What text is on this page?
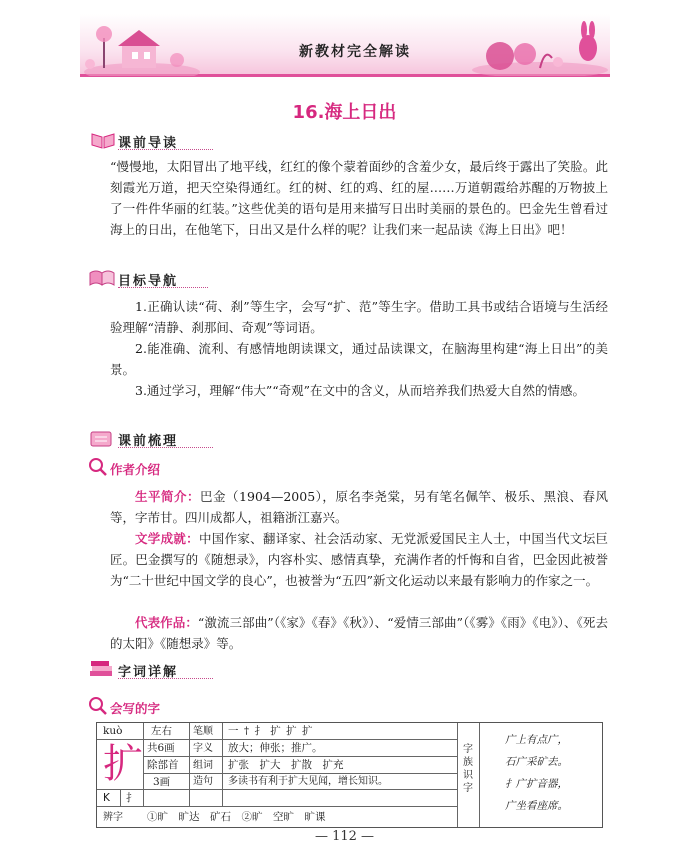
新教材完全解读
16.海上日出
课前导读
“慢慢地，太阳冒出了地平线，红红的像个蒙着面纱的含羞少女，最后终于露出了笑脸。此刻霞光万道，把天空染得通红。红的树、红的鸡、红的屋……万道朝霞给苏醒的万物披上了一件件华丽的红装。”这些优美的语句是用来描写日出时美丽的景色的。巴金先生曾看过海上的日出，在他笔下，日出又是什么样的呢？让我们来一起品读《海上日出》吧！
目标导航
1.正确认读“荷、刹”等生字，会写“扩、范”等生字。借助工具书或结合语境与生活经验理解“清静、刹那间、奇观”等词语。
2.能准确、流利、有感情地朗读课文，通过品读课文，在脑海里构建“海上日出”的美景。
3.通过学习，理解“伟大”“奇观”在文中的含义，从而培养我们热爱大自然的情感。
课前梳理
作者介绍
生平简介：巴金（1904—2005），原名李尧棠，另有笔名佩竿、极乐、黑浪、春风等，字芾甘。四川成都人，祖籍浙江嘉兴。
文学成就：中国作家、翻译家、社会活动家、无党派爱国民主人士，中国当代文坛巨匠。巴金撰写的《随想录》，内容朴实、感情真挚，充满作者的忏悔和自省，巴金因此被誉为“二十世纪中国文学的良心”，也被誉为“五四”新文化运动以来最有影响力的作家之一。
代表作品：“激流三部曲”（《家》《春》《秋》）、“爱情三部曲”（《雾》《雨》《电》）、《死去的太阳》《随想录》等。
字词详解
会写的字
kuò	左右 笔顺 一 † 扌 扩 扩 扩
扩 共6画 字义 放大；伸张；推广。
除部首 组词 扩张　扩大　扩散　扩充
3画 造句 多读书有利于扩大见闻，增长知识。
K 扌
辨字 ①旷　旷达　矿石　②旷　空旷　旷课
字族识字
广上有点广，
石广采矿去。
扌广扩音器，
广坐看座席。
— 112 —
